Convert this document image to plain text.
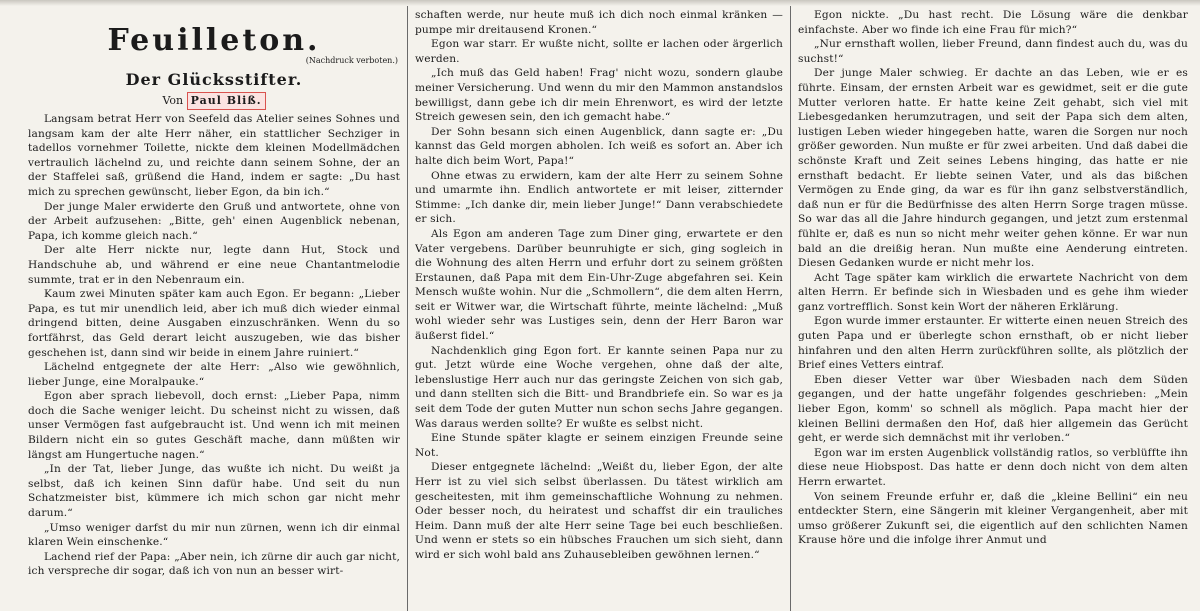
Feuilleton.
(Nachdruck verboten.)
Der Glücksstifter.
Von Paul Bliß.

Langsam betrat Herr von Seefeld das Atelier seines Sohnes und langsam kam der alte Herr näher, ein stattlicher Sechziger in tadellos vornehmer Toilette, nickte dem kleinen Modellmädchen vertraulich lächelnd zu, und reichte dann seinem Sohne, der an der Staffelei saß, grüßend die Hand, indem er sagte: „Du hast mich zu sprechen gewünscht, lieber Egon, da bin ich.“

Der junge Maler erwiderte den Gruß und antwortete, ohne von der Arbeit aufzusehen: „Bitte, geh' einen Augenblick nebenan, Papa, ich komme gleich nach.“

Der alte Herr nickte nur, legte dann Hut, Stock und Handschuhe ab, und während er eine neue Chantantmelodie summte, trat er in den Nebenraum ein.

Kaum zwei Minuten später kam auch Egon. Er begann: „Lieber Papa, es tut mir unendlich leid, aber ich muß dich wieder einmal dringend bitten, deine Ausgaben einzuschränken. Wenn du so fortfährst, das Geld derart leicht auszugeben, wie das bisher geschehen ist, dann sind wir beide in einem Jahre ruiniert.“

Lächelnd entgegnete der alte Herr: „Also wie gewöhnlich, lieber Junge, eine Moralpauke.“

Egon aber sprach liebevoll, doch ernst: „Lieber Papa, nimm doch die Sache weniger leicht. Du scheinst nicht zu wissen, daß unser Vermögen fast aufgebraucht ist. Und wenn ich mit meinen Bildern nicht ein so gutes Geschäft mache, dann müßten wir längst am Hungertuche nagen.“

„In der Tat, lieber Junge, das wußte ich nicht. Du weißt ja selbst, daß ich keinen Sinn dafür habe. Und seit du nun Schatzmeister bist, kümmere ich mich schon gar nicht mehr darum.“

„Umso weniger darfst du mir nun zürnen, wenn ich dir einmal klaren Wein einschenke.“

Lachend rief der Papa: „Aber nein, ich zürne dir auch gar nicht, ich verspreche dir sogar, daß ich von nun an besser wirt-

schaften werde, nur heute muß ich dich noch einmal kränken — pumpe mir dreitausend Kronen.“

Egon war starr. Er wußte nicht, sollte er lachen oder ärgerlich werden.

„Ich muß das Geld haben! Frag' nicht wozu, sondern glaube meiner Versicherung. Und wenn du mir den Mammon anstandslos bewilligst, dann gebe ich dir mein Ehrenwort, es wird der letzte Streich gewesen sein, den ich gemacht habe.“

Der Sohn besann sich einen Augenblick, dann sagte er: „Du kannst das Geld morgen abholen. Ich weiß es sofort an. Aber ich halte dich beim Wort, Papa!“

Ohne etwas zu erwidern, kam der alte Herr zu seinem Sohne und umarmte ihn. Endlich antwortete er mit leiser, zitternder Stimme: „Ich danke dir, mein lieber Junge!“ Dann verabschiedete er sich.

Als Egon am anderen Tage zum Diner ging, erwartete er den Vater vergebens. Darüber beunruhigte er sich, ging sogleich in die Wohnung des alten Herrn und erfuhr dort zu seinem größten Erstaunen, daß Papa mit dem Ein-Uhr-Zuge abgefahren sei. Kein Mensch wußte wohin. Nur die „Schmollern“, die dem alten Herrn, seit er Witwer war, die Wirtschaft führte, meinte lächelnd: „Muß wohl wieder sehr was Lustiges sein, denn der Herr Baron war äußerst fidel.“

Nachdenklich ging Egon fort. Er kannte seinen Papa nur zu gut. Jetzt würde eine Woche vergehen, ohne daß der alte, lebenslustige Herr auch nur das geringste Zeichen von sich gab, und dann stellten sich die Bitt- und Brandbriefe ein. So war es ja seit dem Tode der guten Mutter nun schon sechs Jahre gegangen. Was daraus werden sollte? Er wußte es selbst nicht.

Eine Stunde später klagte er seinem einzigen Freunde seine Not.

Dieser entgegnete lächelnd: „Weißt du, lieber Egon, der alte Herr ist zu viel sich selbst überlassen. Du tätest wirklich am gescheitesten, mit ihm gemeinschaftliche Wohnung zu nehmen. Oder besser noch, du heiratest und schaffst dir ein trauliches Heim. Dann muß der alte Herr seine Tage bei euch beschließen. Und wenn er stets so ein hübsches Frauchen um sich sieht, dann wird er sich wohl bald ans Zuhausebleiben gewöhnen lernen.“

Egon nickte. „Du hast recht. Die Lösung wäre die denkbar einfachste. Aber wo finde ich eine Frau für mich?“

„Nur ernsthaft wollen, lieber Freund, dann findest auch du, was du suchst!“

Der junge Maler schwieg. Er dachte an das Leben, wie er es führte. Einsam, der ernsten Arbeit war es gewidmet, seit er die gute Mutter verloren hatte. Er hatte keine Zeit gehabt, sich viel mit Liebesgedanken herumzutragen, und seit der Papa sich dem alten, lustigen Leben wieder hingegeben hatte, waren die Sorgen nur noch größer geworden. Nun mußte er für zwei arbeiten. Und daß dabei die schönste Kraft und Zeit seines Lebens hinging, das hatte er nie ernsthaft bedacht. Er liebte seinen Vater, und als das bißchen Vermögen zu Ende ging, da war es für ihn ganz selbstverständlich, daß nun er für die Bedürfnisse des alten Herrn Sorge tragen müsse. So war das all die Jahre hindurch gegangen, und jetzt zum erstenmal fühlte er, daß es nun so nicht mehr weiter gehen könne. Er war nun bald an die dreißig heran. Nun mußte eine Aenderung eintreten. Diesen Gedanken wurde er nicht mehr los.

Acht Tage später kam wirklich die erwartete Nachricht von dem alten Herrn. Er befinde sich in Wiesbaden und es gehe ihm wieder ganz vortrefflich. Sonst kein Wort der näheren Erklärung.

Egon wurde immer erstaunter. Er witterte einen neuen Streich des guten Papa und er überlegte schon ernsthaft, ob er nicht lieber hinfahren und den alten Herrn zurückführen sollte, als plötzlich der Brief eines Vetters eintraf.

Eben dieser Vetter war über Wiesbaden nach dem Süden gegangen, und der hatte ungefähr folgendes geschrieben: „Mein lieber Egon, komm' so schnell als möglich. Papa macht hier der kleinen Bellini dermaßen den Hof, daß hier allgemein das Gerücht geht, er werde sich demnächst mit ihr verloben.“

Egon war im ersten Augenblick vollständig ratlos, so verblüffte ihn diese neue Hiobspost. Das hatte er denn doch nicht von dem alten Herrn erwartet.

Von seinem Freunde erfuhr er, daß die „kleine Bellini“ ein neu entdeckter Stern, eine Sängerin mit kleiner Vergangenheit, aber mit umso größerer Zukunft sei, die eigentlich auf den schlichten Namen Krause höre und die infolge ihrer Anmut und
